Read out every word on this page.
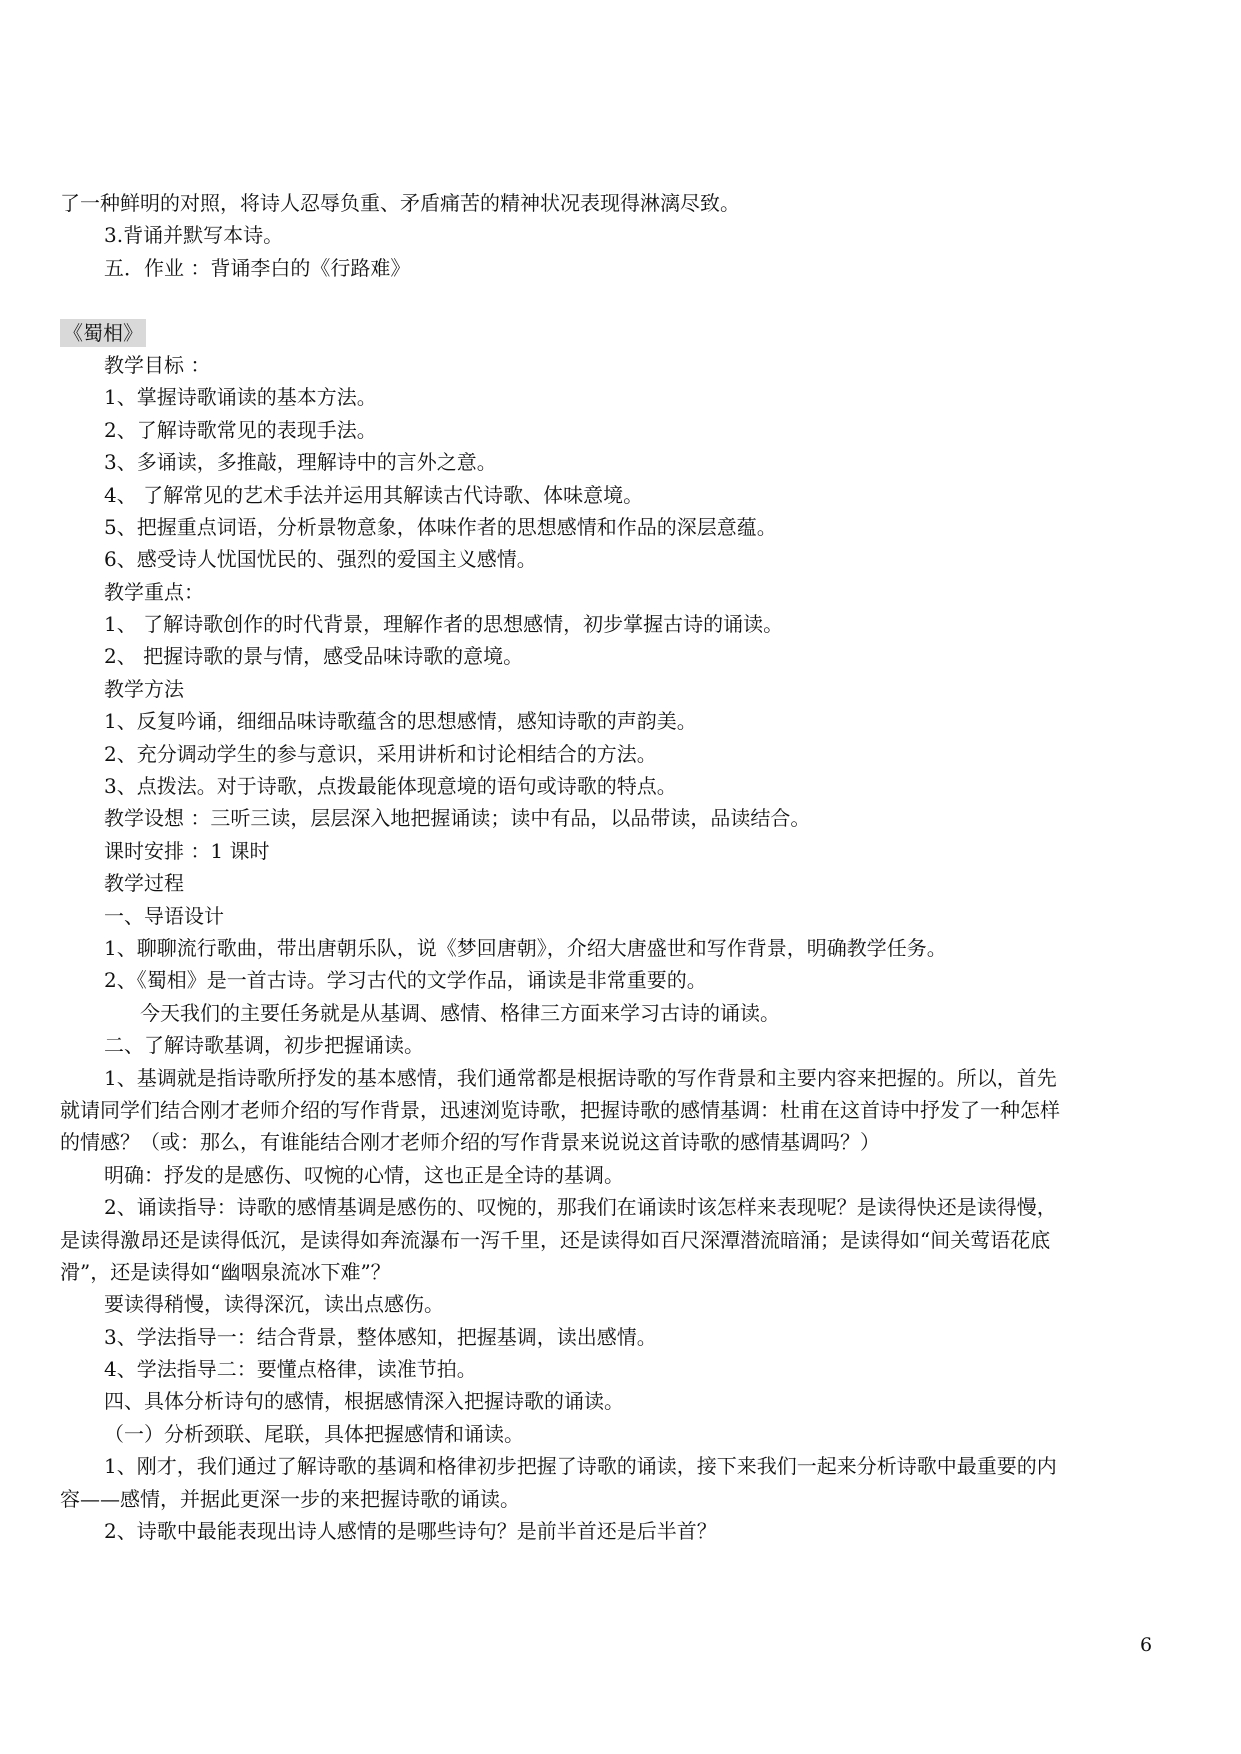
了一种鲜明的对照，将诗人忍辱负重、矛盾痛苦的精神状况表现得淋漓尽致。
3.背诵并默写本诗。
五．作业 ：背诵李白的《行路难》
《蜀相》
教学目标 ：
1、掌握诗歌诵读的基本方法。
2、了解诗歌常见的表现手法。
3、多诵读，多推敲，理解诗中的言外之意。
4、 了解常见的艺术手法并运用其解读古代诗歌、体味意境。
5、把握重点词语，分析景物意象，体味作者的思想感情和作品的深层意蕴。
6、感受诗人忧国忧民的、强烈的爱国主义感情。
教学重点：
1、 了解诗歌创作的时代背景，理解作者的思想感情，初步掌握古诗的诵读。
2、 把握诗歌的景与情，感受品味诗歌的意境。
教学方法
1、反复吟诵，细细品味诗歌蕴含的思想感情，感知诗歌的声韵美。
2、充分调动学生的参与意识，采用讲析和讨论相结合的方法。
3、点拨法。对于诗歌，点拨最能体现意境的语句或诗歌的特点。
教学设想 ：三听三读，层层深入地把握诵读；读中有品，以品带读，品读结合。
课时安排 ：1 课时
教学过程
一、导语设计
1、聊聊流行歌曲，带出唐朝乐队，说《梦回唐朝》，介绍大唐盛世和写作背景，明确教学任务。
2、《蜀相》是一首古诗。学习古代的文学作品，诵读是非常重要的。
今天我们的主要任务就是从基调、感情、格律三方面来学习古诗的诵读。
二、了解诗歌基调，初步把握诵读。
1、基调就是指诗歌所抒发的基本感情，我们通常都是根据诗歌的写作背景和主要内容来把握的。所以，首先
就请同学们结合刚才老师介绍的写作背景，迅速浏览诗歌，把握诗歌的感情基调：杜甫在这首诗中抒发了一种怎样
的情感？（或：那么，有谁能结合刚才老师介绍的写作背景来说说这首诗歌的感情基调吗？）
明确：抒发的是感伤、叹惋的心情，这也正是全诗的基调。
2、诵读指导：诗歌的感情基调是感伤的、叹惋的，那我们在诵读时该怎样来表现呢？是读得快还是读得慢，
是读得激昂还是读得低沉，是读得如奔流瀑布一泻千里，还是读得如百尺深潭潜流暗涌；是读得如“间关莺语花底
滑”，还是读得如“幽咽泉流冰下难”？
要读得稍慢，读得深沉，读出点感伤。
3、学法指导一：结合背景，整体感知，把握基调，读出感情。
4、学法指导二：要懂点格律，读准节拍。
四、具体分析诗句的感情，根据感情深入把握诗歌的诵读。
（一）分析颈联、尾联，具体把握感情和诵读。
1、刚才，我们通过了解诗歌的基调和格律初步把握了诗歌的诵读，接下来我们一起来分析诗歌中最重要的内
容——感情，并据此更深一步的来把握诗歌的诵读。
2、诗歌中最能表现出诗人感情的是哪些诗句？是前半首还是后半首？
6
